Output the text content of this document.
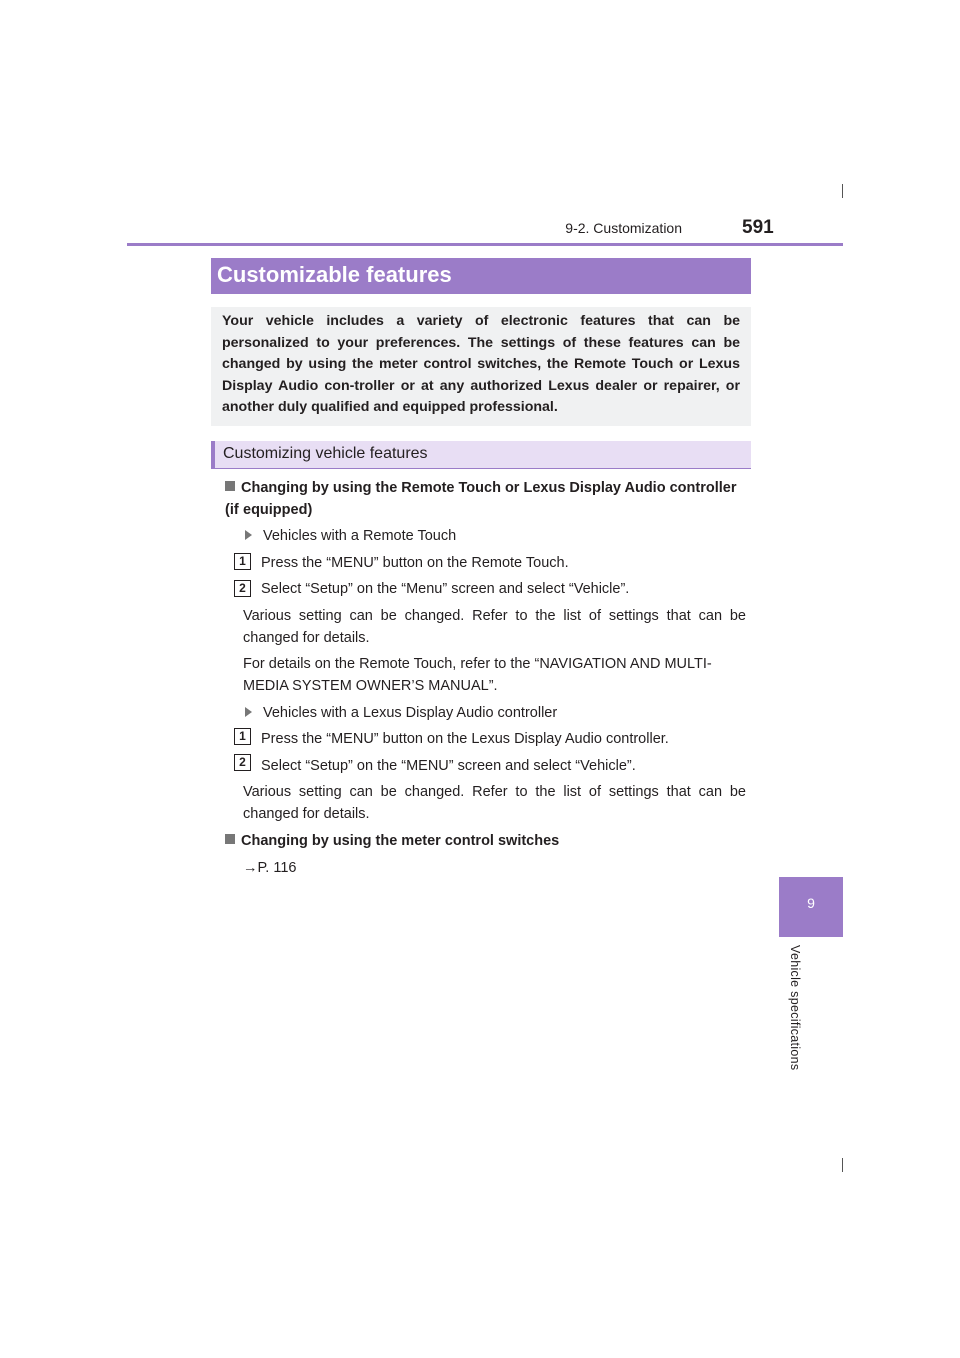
9-2. Customization	591
9
Vehicle specifications
Customizable features
Your vehicle includes a variety of electronic features that can be personalized to your preferences. The settings of these features can be changed by using the meter control switches, the Remote Touch or Lexus Display Audio con-troller or at any authorized Lexus dealer or repairer, or another duly qualified and equipped professional.
Customizing vehicle features
Changing by using the Remote Touch or Lexus Display Audio controller (if equipped)
Vehicles with a Remote Touch
1	Press the “MENU” button on the Remote Touch.
2	Select “Setup” on the “Menu” screen and select “Vehicle”.
Various setting can be changed. Refer to the list of settings that can be changed for details.
For details on the Remote Touch, refer to the “NAVIGATION AND MULTI-
MEDIA SYSTEM OWNER’S MANUAL”.
Vehicles with a Lexus Display Audio controller
1	Press the “MENU” button on the Lexus Display Audio controller.
2	Select “Setup” on the “MENU” screen and select “Vehicle”.
Various setting can be changed. Refer to the list of settings that can be changed for details.
Changing by using the meter control switches
→P. 116
